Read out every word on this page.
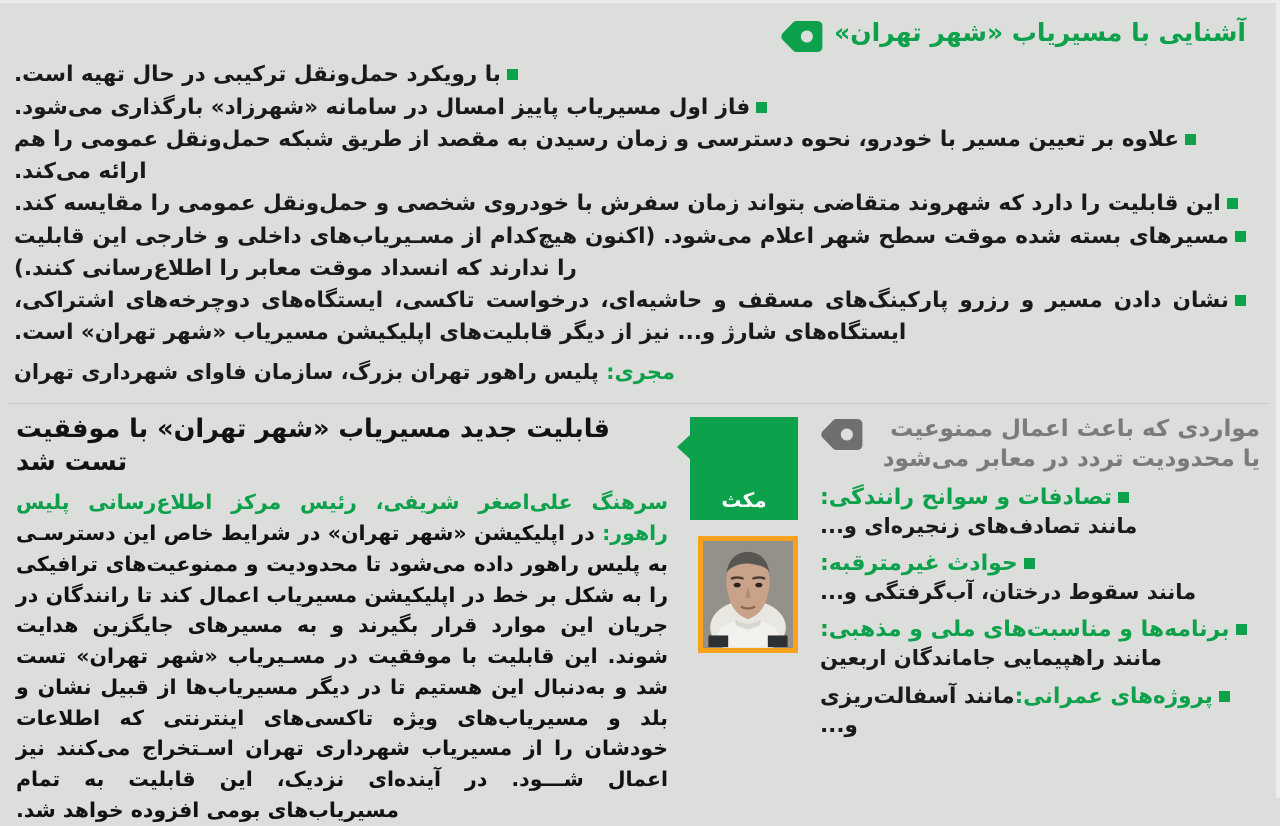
آشنایی با مسیریاب «شهر تهران»

با رویکرد حمل‌ونقل ترکیبی در حال تهیه است.

فاز اول مسیریاب پاییز امسال در سامانه «شهرزاد» بارگذاری می‌شود.

علاوه بر تعیین مسیر با خودرو، نحوه دسترسی و زمان رسیدن به مقصد از طریق شبکه حمل‌ونقل عمومی را هم ارائه می‌کند.

این قابلیت را دارد که شهروند متقاضی بتواند زمان سفرش با خودروی شخصی و حمل‌ونقل عمومی را مقایسه کند.

مسیرهای بسته شده موقت سطح شهر اعلام می‌شود. (اکنون هیچ‌کدام از مسـیریاب‌های داخلی و خارجی این قابلیت را ندارند که انسداد موقت معابر را اطلاع‌رسانی کنند.)

نشان دادن مسیر و رزرو پارکینگ‌های مسقف و حاشیه‌ای، درخواست تاکسی، ایستگاه‌های دوچرخه‌های اشتراکی، ایستگاه‌های شارژ و... نیز از دیگر قابلیت‌های اپلیکیشن مسیریاب «شهر تهران» است.

مجری: پلیس راهور تهران بزرگ، سازمان فاوای شهرداری تهران
مواردی که باعث اعمال ممنوعیت یا محدودیت تردد در معابر می‌شود
تصادفات و سوانح رانندگی:
مانند تصادف‌های زنجیره‌ای و...
حوادث غیرمترقبه:
مانند سقوط درختان، آب‌گرفتگی و...
برنامه‌ها و مناسبت‌های ملی و مذهبی:
مانند راهپیمایی جاماندگان اربعین
پروژه‌های عمرانی:مانند آسفالت‌ریزی و...
مکث
قابلیت جدید مسیریاب «شهر تهران» با موفقیت تست شد
سرهنگ علی‌اصغر شریفی، رئیس مرکز اطلاع‌رسانی پلیس راهور: در اپلیکیشن «شهر تهران» در شرایط خاص این دسترسـی به پلیس راهور داده می‌شود تا محدودیت و ممنوعیت‌های ترافیکی را به شکل بر خط در اپلیکیشن مسیریاب اعمال کند تا رانندگان در جریان این موارد قرار بگیرند و به مسیرهای جایگزین هدایت شوند. این قابلیت با موفقیت در مسـیریاب «شهر تهران» تست شد و به‌دنبال این هستیم تا در دیگر مسیریاب‌ها از قبیل نشان و بلد و مسیریاب‌های ویژه تاکسی‌های اینترنتی که اطلاعات خودشان را از مسیریاب شهرداری تهران اسـتخراج می‌کنند نیز اعمال شـــود. در آینده‌ای نزدیک، این قابلیت به تمام مسیریاب‌های بومی افزوده خواهد شد.
